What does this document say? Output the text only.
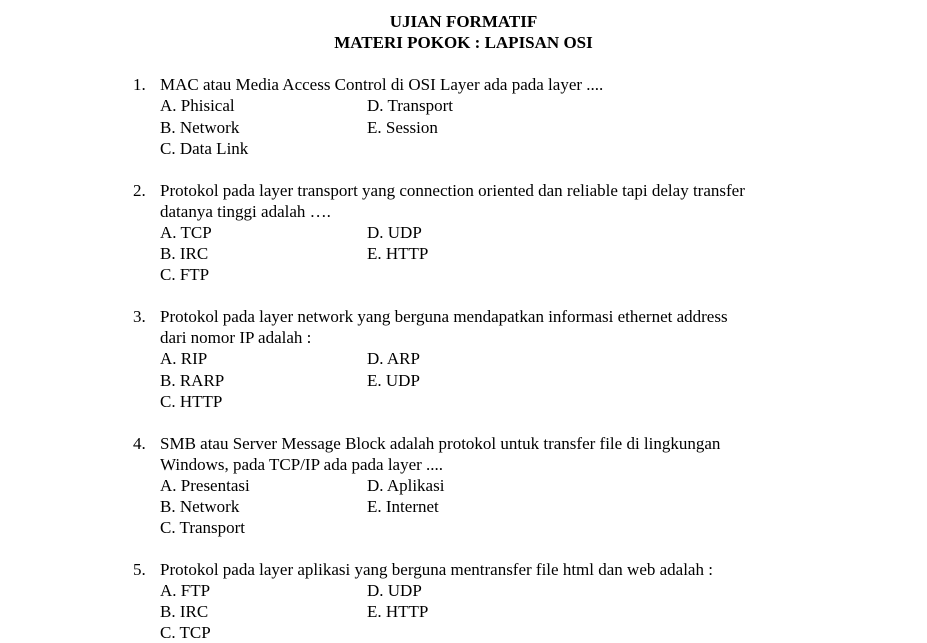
UJIAN FORMATIF
MATERI POKOK : LAPISAN OSI
1. MAC atau Media Access Control di OSI Layer ada pada layer ....
A. Phisical	D. Transport
B. Network	E. Session
C. Data Link
2. Protokol pada layer transport yang connection oriented dan reliable tapi delay transfer
datanya tinggi adalah ….
A. TCP	D. UDP
B. IRC	E. HTTP
C. FTP
3. Protokol pada layer network yang berguna mendapatkan informasi ethernet address
dari nomor IP adalah :
A. RIP	D. ARP
B. RARP	E. UDP
C. HTTP
4. SMB atau Server Message Block adalah protokol untuk transfer file di lingkungan
Windows, pada TCP/IP ada pada layer ....
A. Presentasi	D. Aplikasi
B. Network	E. Internet
C. Transport
5. Protokol pada layer aplikasi yang berguna mentransfer file html dan web adalah :
A. FTP	D. UDP
B. IRC	E. HTTP
C. TCP
